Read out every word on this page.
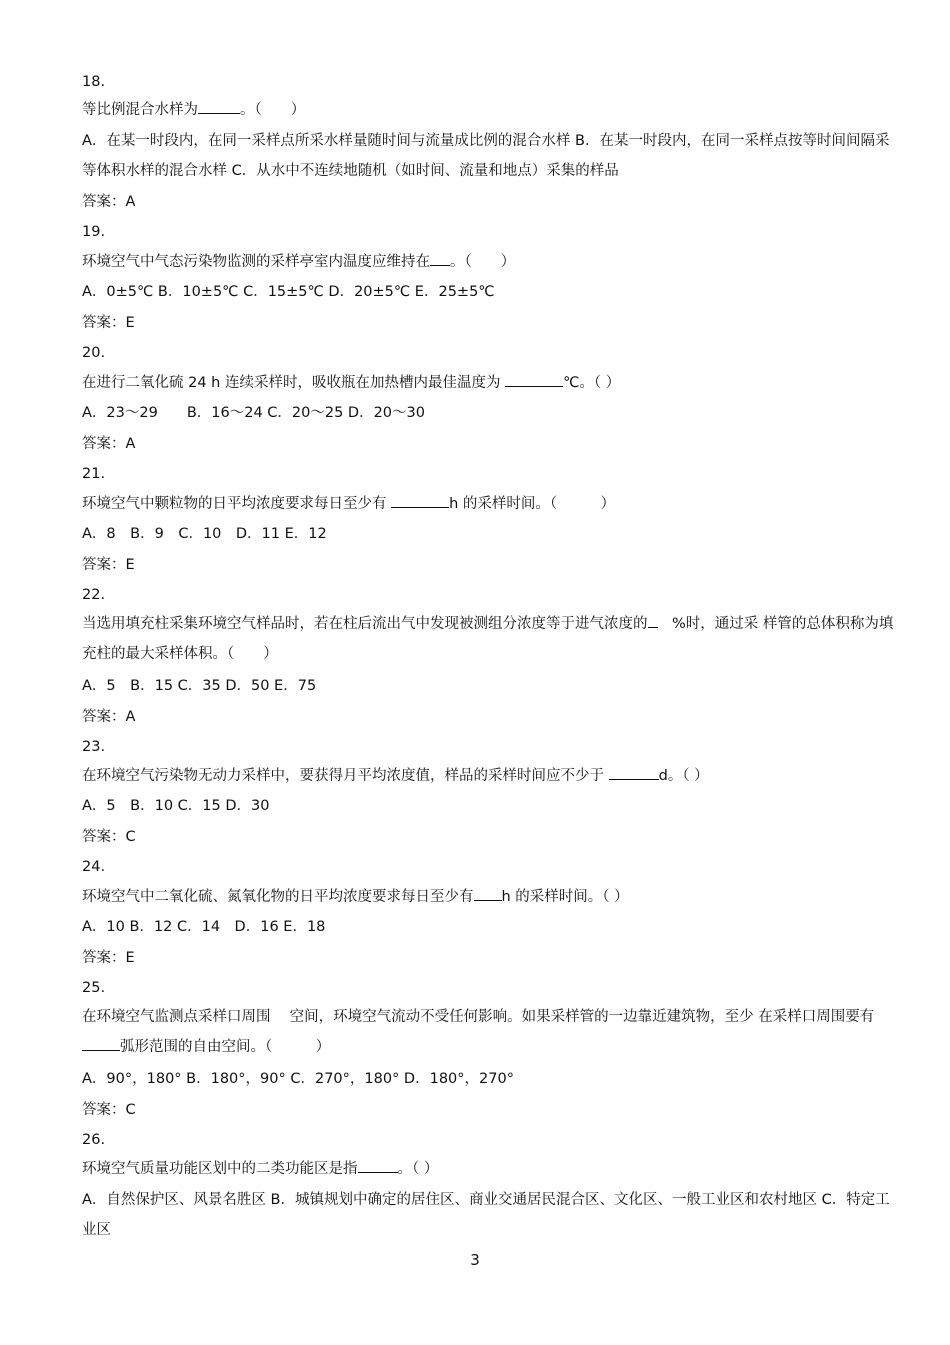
18.
等比例混合水样为	。（　　）
A．在某一时段内，在同一采样点所采水样量随时间与流量成比例的混合水样 B．在某一时段内，在同一采样点按等时间间隔采等体积水样的混合水样 C．从水中不连续地随机（如时间、流量和地点）采集的样品
答案：A
19.
环境空气中气态污染物监测的采样亭室内温度应维持在 。（　　）
A．0±5℃ B．10±5℃ C．15±5℃ D．20±5℃ E．25±5℃
答案：E
20.
在进行二氧化硫 24 h 连续采样时，吸收瓶在加热槽内最佳温度为	℃。（ ）
A．23～29　　B．16～24 C．20～25 D．20～30
答案：A
21.
环境空气中颗粒物的日平均浓度要求每日至少有	h 的采样时间。（　　　）
A．8　B．9　C．10　D．11 E．12
答案：E
22.
当选用填充柱采集环境空气样品时，若在柱后流出气中发现被测组分浓度等于进气浓度的　%时，通过采 样管的总体积称为填充柱的最大采样体积。（　　）
A．5　B．15 C．35 D．50 E．75
答案：A
23.
在环境空气污染物无动力采样中，要获得月平均浓度值，样品的采样时间应不少于	d。（ ）
A．5　B．10 C．15 D．30
答案：C
24.
环境空气中二氧化硫、氮氧化物的日平均浓度要求每日至少有 h 的采样时间。（ ）
A．10 B．12 C．14　D．16 E．18
答案：E
25.
在环境空气监测点采样口周围　 空间，环境空气流动不受任何影响。如果采样管的一边靠近建筑物，至少 在采样口周围要有弧形范围的自由空间。（　　　）
A．90°，180° B．180°，90° C．270°，180° D．180°，270°
答案：C
26.
环境空气质量功能区划中的二类功能区是指	。（ ）
A．自然保护区、风景名胜区 B．城镇规划中确定的居住区、商业交通居民混合区、文化区、一般工业区和农村地区 C．特定工业区
3
